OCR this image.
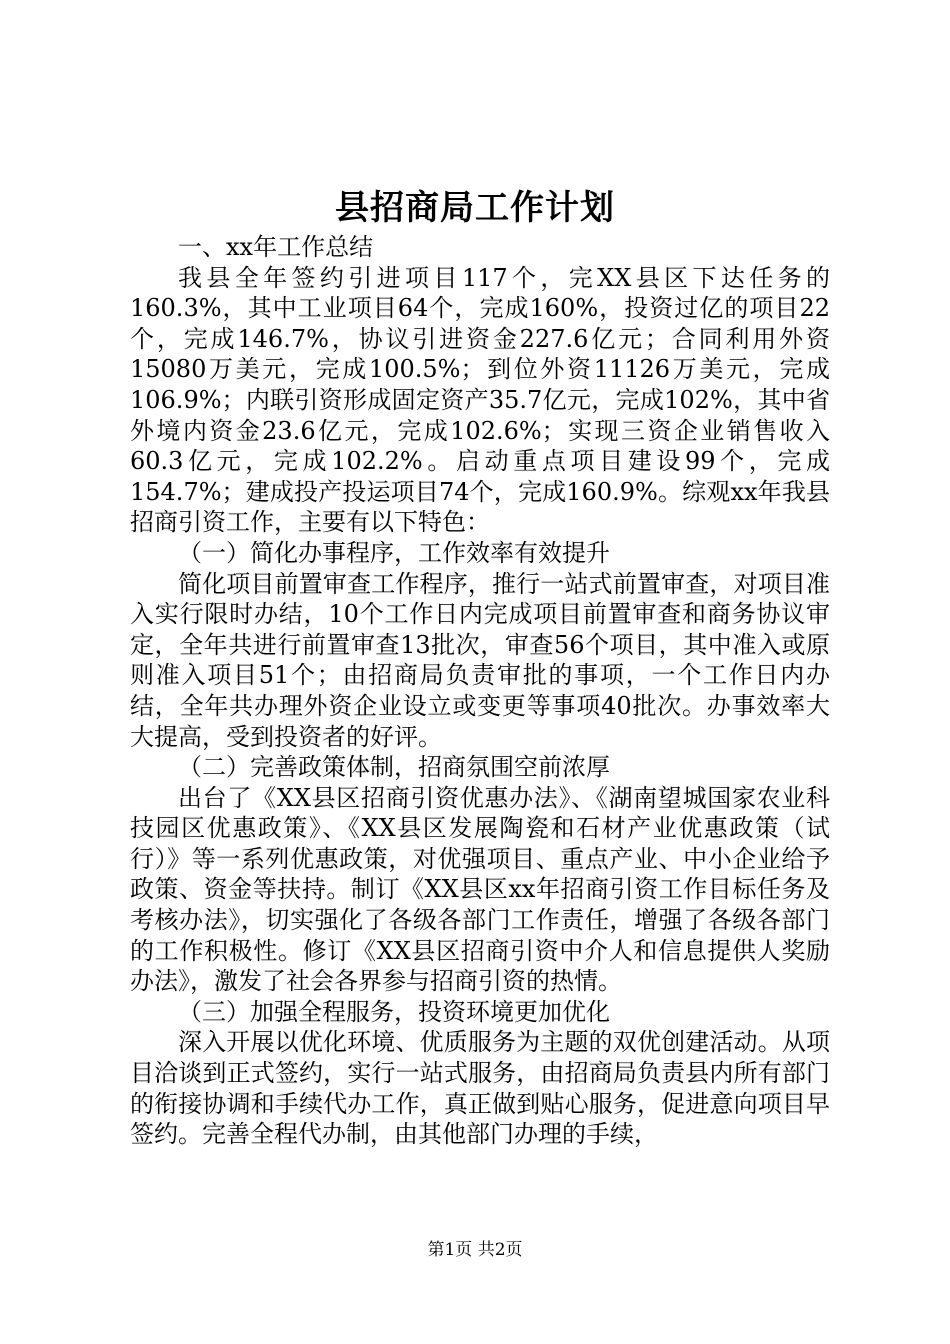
县招商局工作计划

一、xx年工作总结

我县全年签约引进项目117个，完XX县区下达任务的160.3%，其中工业项目64个，完成160%，投资过亿的项目22个，完成146.7%，协议引进资金227.6亿元；合同利用外资15080万美元，完成100.5%；到位外资11126万美元，完成106.9%；内联引资形成固定资产35.7亿元，完成102%，其中省外境内资金23.6亿元，完成102.6%；实现三资企业销售收入60.3亿元，完成102.2%。启动重点项目建设99个，完成154.7%；建成投产投运项目74个，完成160.9%。综观xx年我县招商引资工作，主要有以下特色：

（一）简化办事程序，工作效率有效提升

简化项目前置审查工作程序，推行一站式前置审查，对项目准入实行限时办结，10个工作日内完成项目前置审查和商务协议审定，全年共进行前置审查13批次，审查56个项目，其中准入或原则准入项目51个；由招商局负责审批的事项，一个工作日内办结，全年共办理外资企业设立或变更等事项40批次。办事效率大大提高，受到投资者的好评。

（二）完善政策体制，招商氛围空前浓厚

出台了《XX县区招商引资优惠办法》、《湖南望城国家农业科技园区优惠政策》、《XX县区发展陶瓷和石材产业优惠政策（试行）》等一系列优惠政策，对优强项目、重点产业、中小企业给予政策、资金等扶持。制订《XX县区xx年招商引资工作目标任务及考核办法》，切实强化了各级各部门工作责任，增强了各级各部门的工作积极性。修订《XX县区招商引资中介人和信息提供人奖励办法》，激发了社会各界参与招商引资的热情。

（三）加强全程服务，投资环境更加优化

深入开展以优化环境、优质服务为主题的双优创建活动。从项目洽谈到正式签约，实行一站式服务，由招商局负责县内所有部门的衔接协调和手续代办工作，真正做到贴心服务，促进意向项目早签约。完善全程代办制，由其他部门办理的手续，

第1页 共2页
